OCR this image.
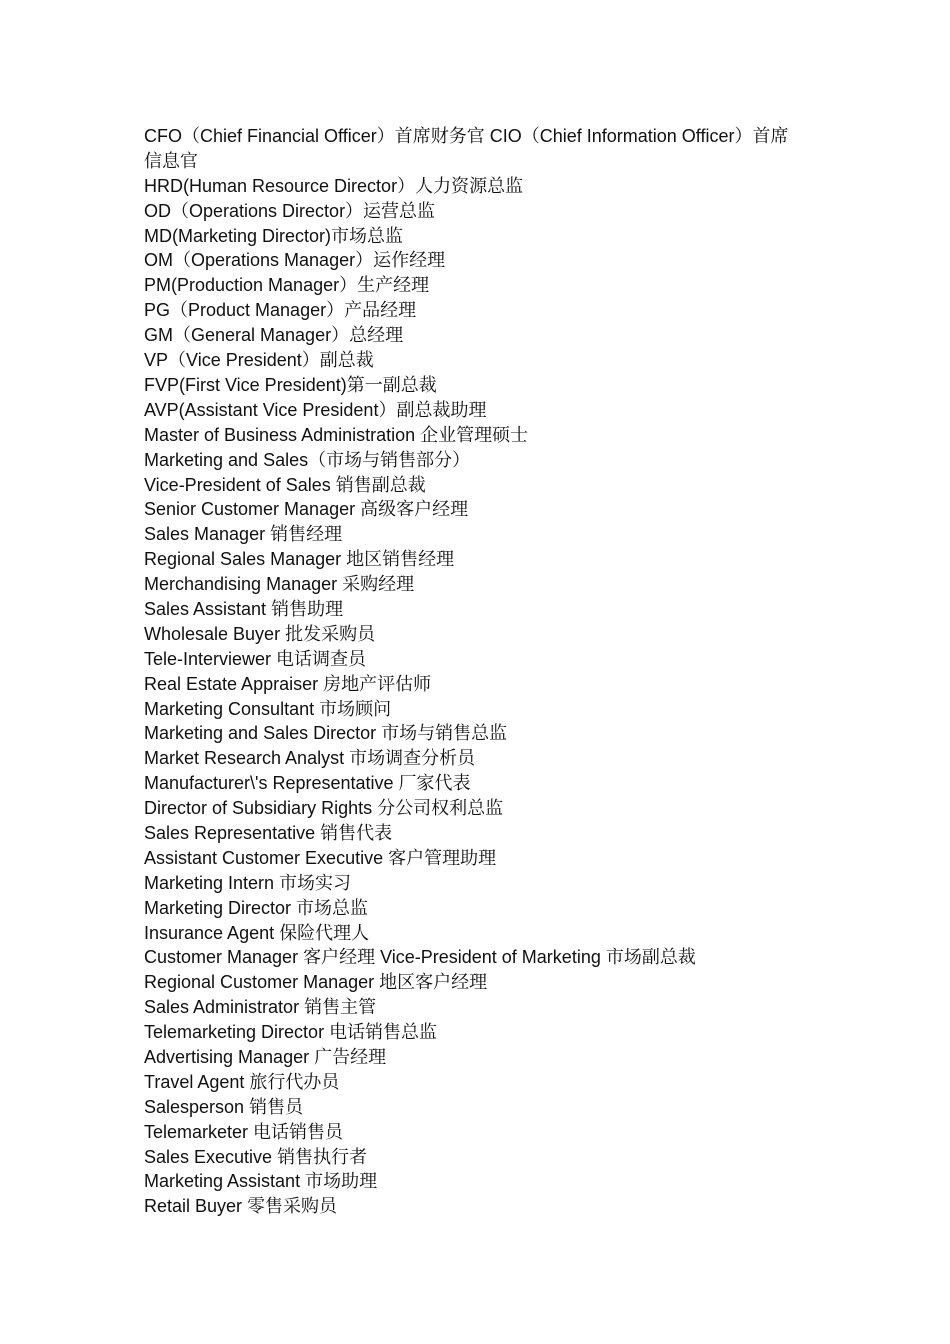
CFO（Chief Financial Officer）首席财务官 CIO（Chief Information Officer）首席信息官
HRD(Human Resource Director）人力资源总监
OD（Operations Director）运营总监
MD(Marketing Director)市场总监
OM（Operations Manager）运作经理
PM(Production Manager）生产经理
PG（Product Manager）产品经理
GM（General Manager）总经理
VP（Vice President）副总裁
FVP(First Vice President)第一副总裁
AVP(Assistant Vice President）副总裁助理
Master of Business Administration 企业管理硕士
Marketing and Sales（市场与销售部分）
Vice-President of Sales 销售副总裁
Senior Customer Manager 高级客户经理
Sales Manager 销售经理
Regional Sales Manager 地区销售经理
Merchandising Manager 采购经理
Sales Assistant 销售助理
Wholesale Buyer 批发采购员
Tele-Interviewer 电话调查员
Real Estate Appraiser 房地产评估师
Marketing Consultant 市场顾问
Marketing and Sales Director 市场与销售总监
Market Research Analyst 市场调查分析员
Manufacturer\'s Representative 厂家代表
Director of Subsidiary Rights 分公司权利总监
Sales Representative 销售代表
Assistant Customer Executive 客户管理助理
Marketing Intern 市场实习
Marketing Director 市场总监
Insurance Agent 保险代理人
Customer Manager 客户经理 Vice-President of Marketing 市场副总裁
Regional Customer Manager 地区客户经理
Sales Administrator 销售主管
Telemarketing Director 电话销售总监
Advertising Manager 广告经理
Travel Agent 旅行代办员
Salesperson 销售员
Telemarketer 电话销售员
Sales Executive 销售执行者
Marketing Assistant 市场助理
Retail Buyer 零售采购员
